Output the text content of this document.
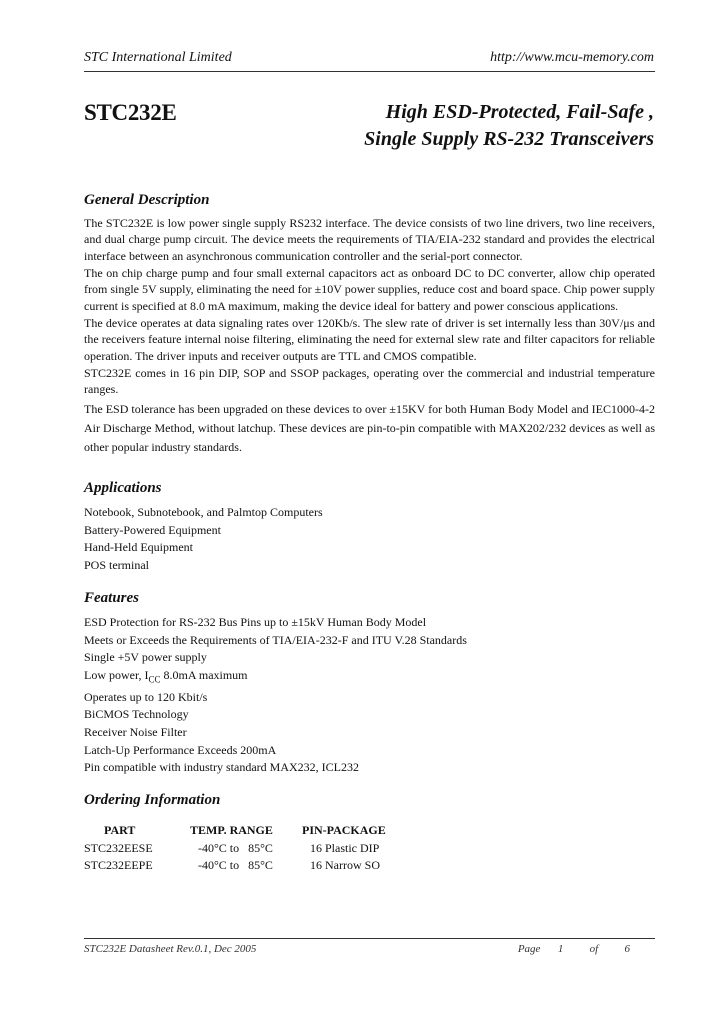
STC International Limited	http://www.mcu-memory.com
STC232E	High ESD-Protected, Fail-Safe ,
Single Supply RS-232 Transceivers
General Description
The STC232E is low power single supply RS232 interface. The device consists of two line drivers, two line receivers, and dual charge pump circuit. The device meets the requirements of TIA/EIA-232 standard and provides the electrical interface between an asynchronous communication controller and the serial-port connector.
The on chip charge pump and four small external capacitors act as onboard DC to DC converter, allow chip operated from single 5V supply, eliminating the need for ±10V power supplies, reduce cost and board space. Chip power supply current is specified at 8.0 mA maximum, making the device ideal for battery and power conscious applications.
The device operates at data signaling rates over 120Kb/s. The slew rate of driver is set internally less than 30V/μs and the receivers feature internal noise filtering, eliminating the need for external slew rate and filter capacitors for reliable operation. The driver inputs and receiver outputs are TTL and CMOS compatible.
STC232E comes in 16 pin DIP, SOP and SSOP packages, operating over the commercial and industrial temperature ranges.
The ESD tolerance has been upgraded on these devices to over ±15KV for both Human Body Model and IEC1000-4-2 Air Discharge Method, without latchup. These devices are pin-to-pin compatible with MAX202/232 devices as well as other popular industry standards.
Applications
Notebook, Subnotebook, and Palmtop Computers
Battery-Powered Equipment
Hand-Held Equipment
POS terminal
Features
ESD Protection for RS-232 Bus Pins up to ±15kV Human Body Model
Meets or Exceeds the Requirements of TIA/EIA-232-F and ITU V.28 Standards
Single +5V power supply
Low power, $I_{CC}$ 8.0mA maximum
Operates up to 120 Kbit/s
BiCMOS Technology
Receiver Noise Filter
Latch-Up Performance Exceeds 200mA
Pin compatible with industry standard MAX232, ICL232
Ordering Information
PART	TEMP. RANGE	PIN-PACKAGE
STC232EESE	-40°C to   85°C	16 Plastic DIP
STC232EEPE	-40°C to   85°C	16 Narrow SO
STC232E Datasheet Rev.0.1, Dec 2005	Page  1   of   6
